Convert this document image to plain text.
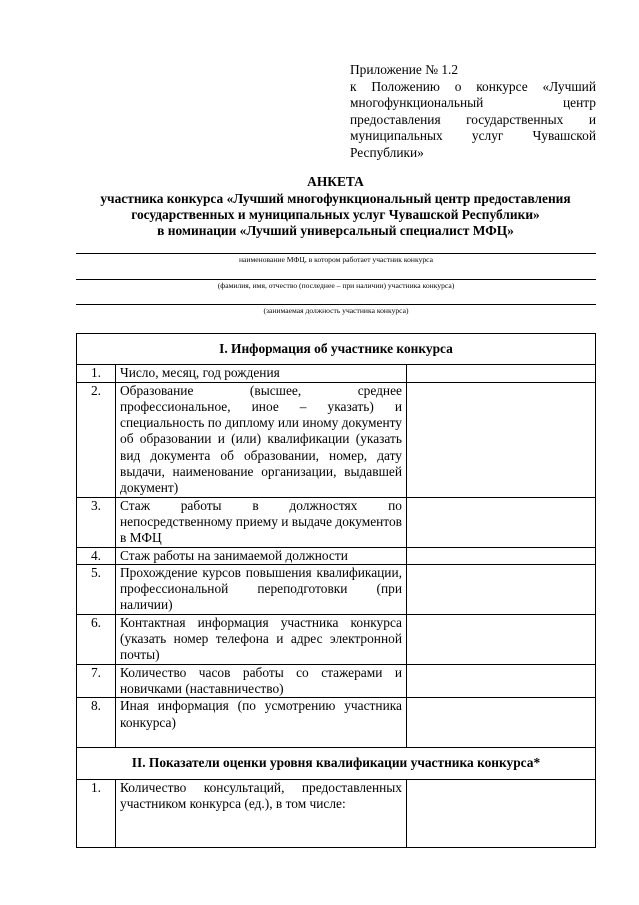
Приложение № 1.2
к Положению о конкурсе «Лучший
многофункциональный центр
предоставления государственных и
муниципальных услуг Чувашской
Республики»
АНКЕТА
участника конкурса «Лучший многофункциональный центр предоставления
государственных и муниципальных услуг Чувашской Республики»
в номинации «Лучший универсальный специалист МФЦ»
наименование МФЦ, в котором работает участник конкурса
(фамилия, имя, отчество (последнее – при наличии) участника конкурса)
(занимаемая должность участника конкурса)
I. Информация об участнике конкурса		
1.	Число, месяц, год рождения	
2.	Образование (высшее, среднее профессиональное, иное – указать) и специальность по диплому или иному документу об образовании и (или) квалификации (указать вид документа об образовании, номер, дату выдачи, наименование организации, выдавшей документ)	
3.	Стаж работы в должностях по непосредственному приему и выдаче документов в МФЦ	
4.	Стаж работы на занимаемой должности	
5.	Прохождение курсов повышения квалификации, профессиональной переподготовки (при наличии)	
6.	Контактная информация участника конкурса (указать номер телефона и адрес электронной почты)	
7.	Количество часов работы со стажерами и новичками (наставничество)	
8.	Иная информация (по усмотрению участника конкурса)	
II. Показатели оценки уровня квалификации участника конкурса*		
1.	Количество консультаций, предоставленных участником конкурса (ед.), в том числе:	
